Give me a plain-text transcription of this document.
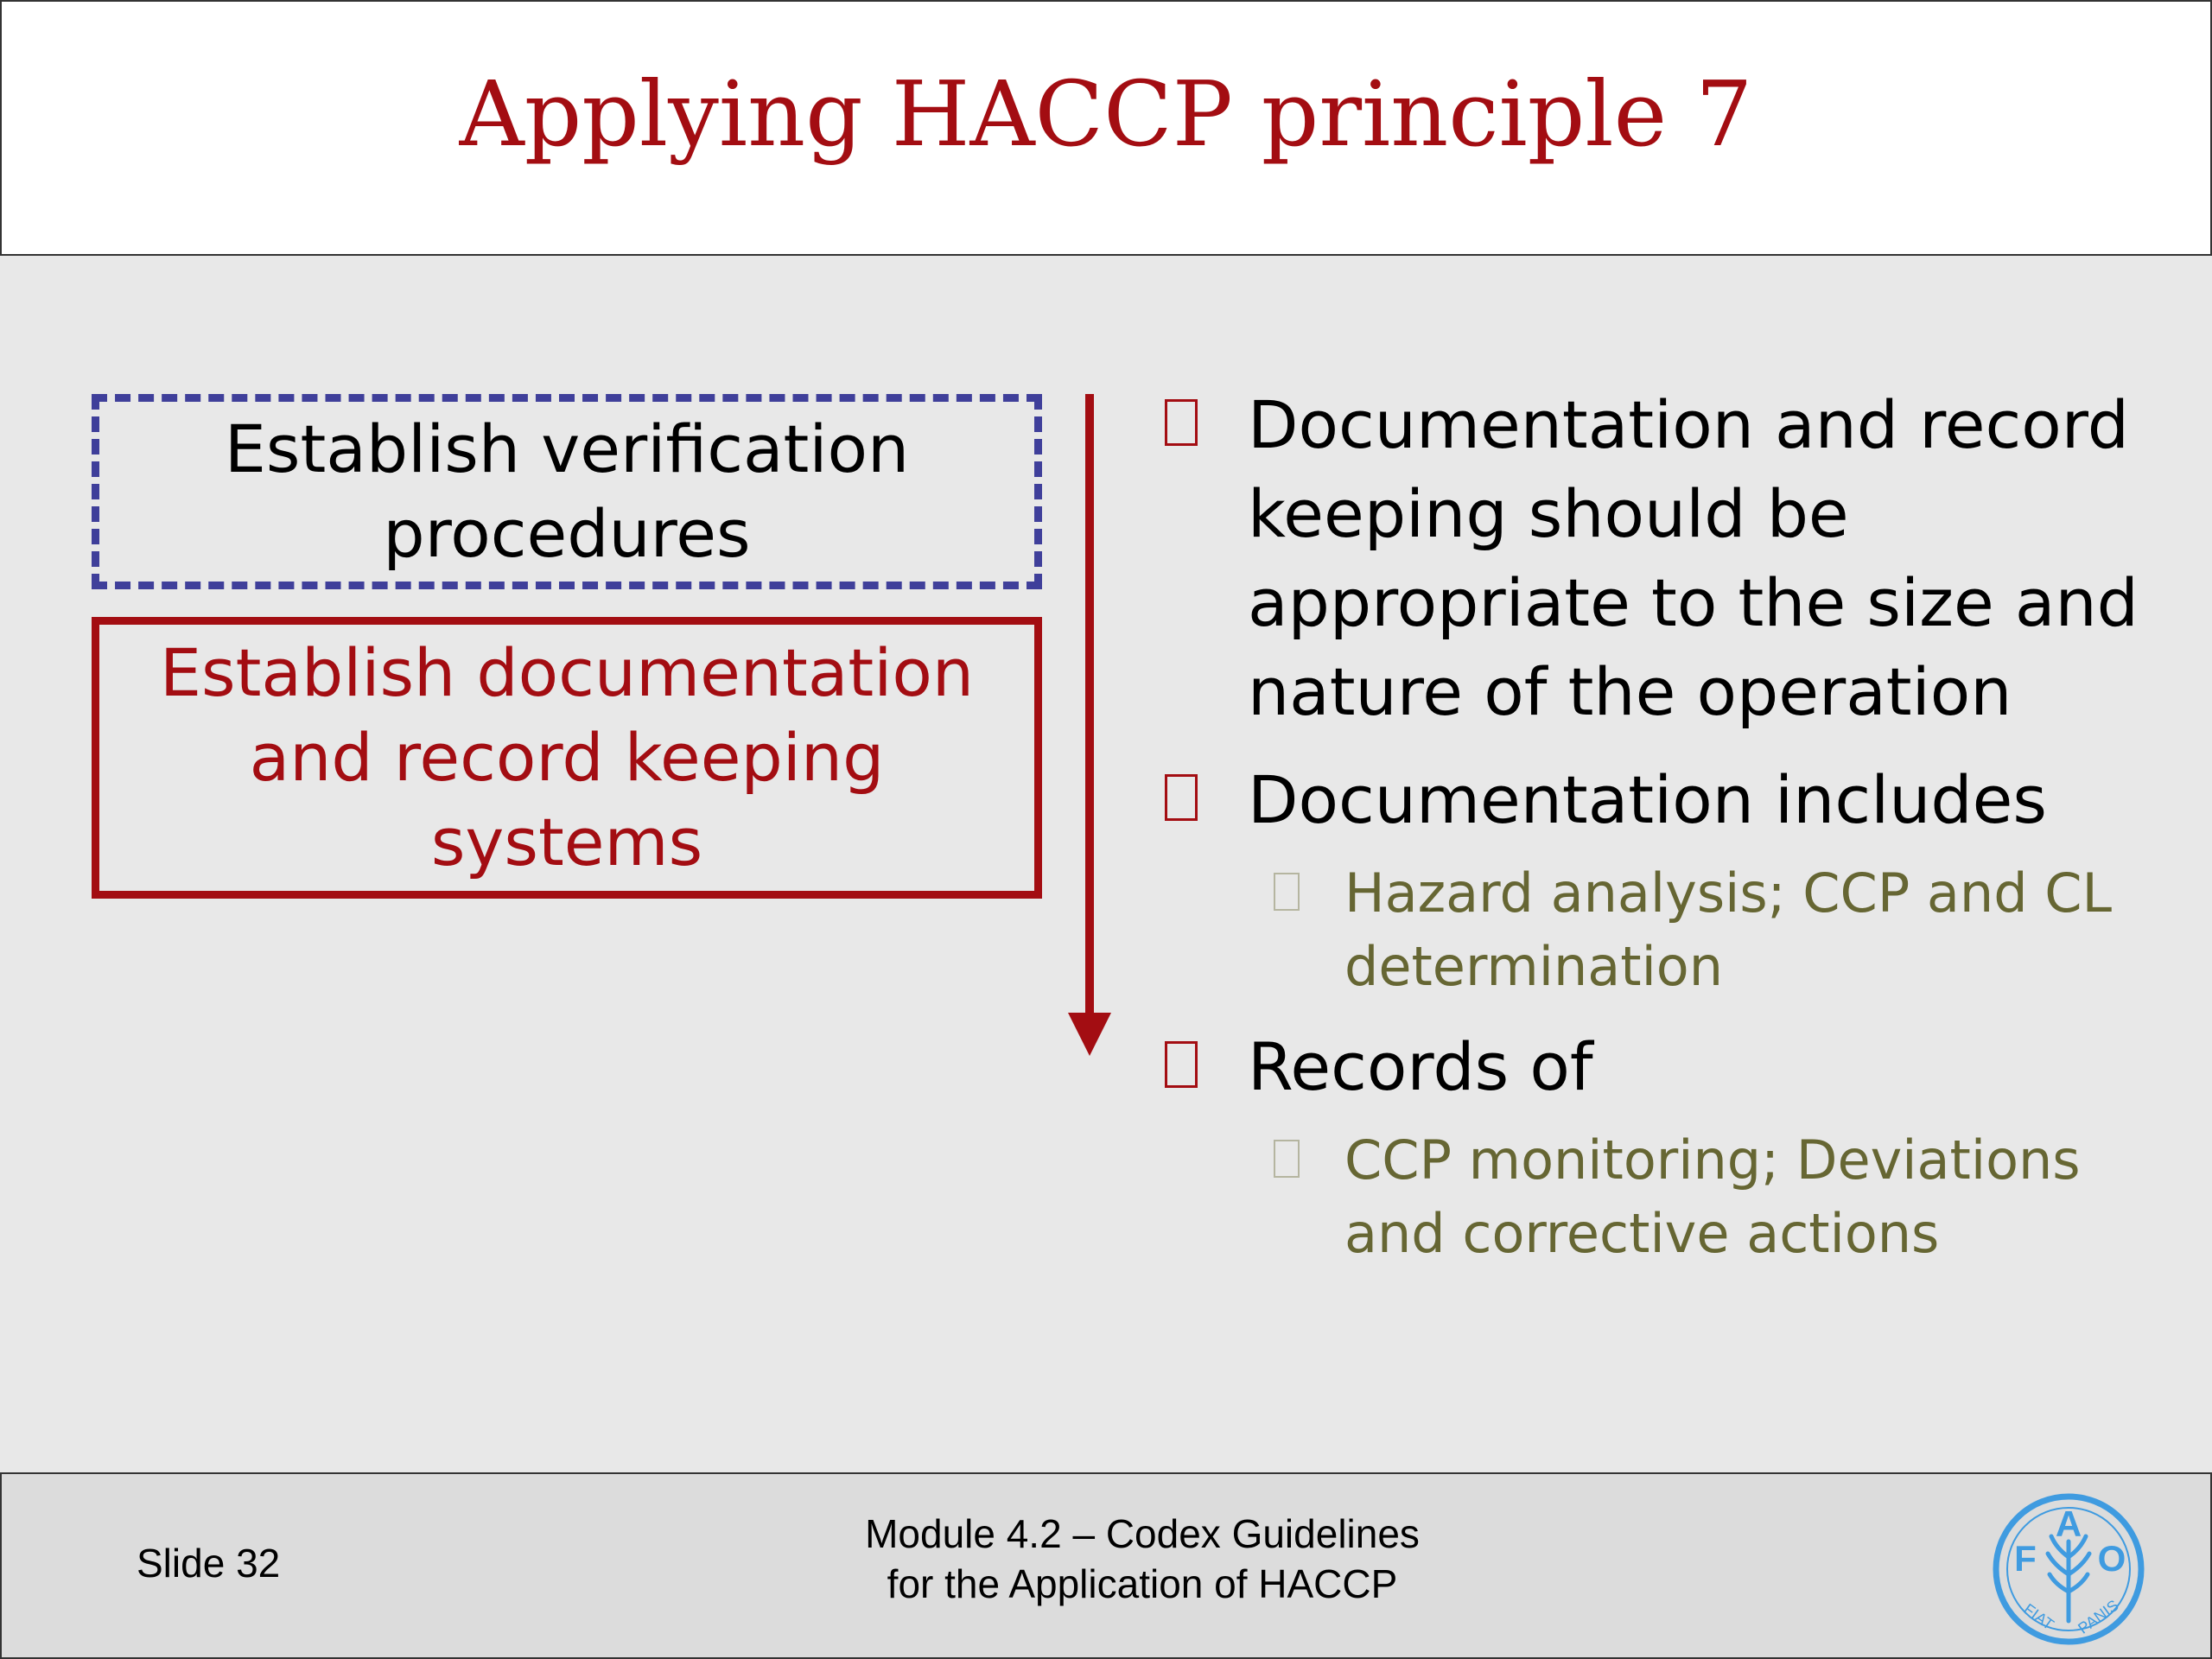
Applying HACCP principle 7
Establish verification
procedures
Establish documentation
and record keeping
systems
Documentation and record
keeping should be
appropriate to the size and
nature of the operation
Documentation includes
Hazard analysis; CCP and CL
determination
Records of
CCP monitoring; Deviations
and corrective actions
Slide 32
Module 4.2 – Codex Guidelines
for the Application of HACCP
F
A
O
FIAT PANIS
